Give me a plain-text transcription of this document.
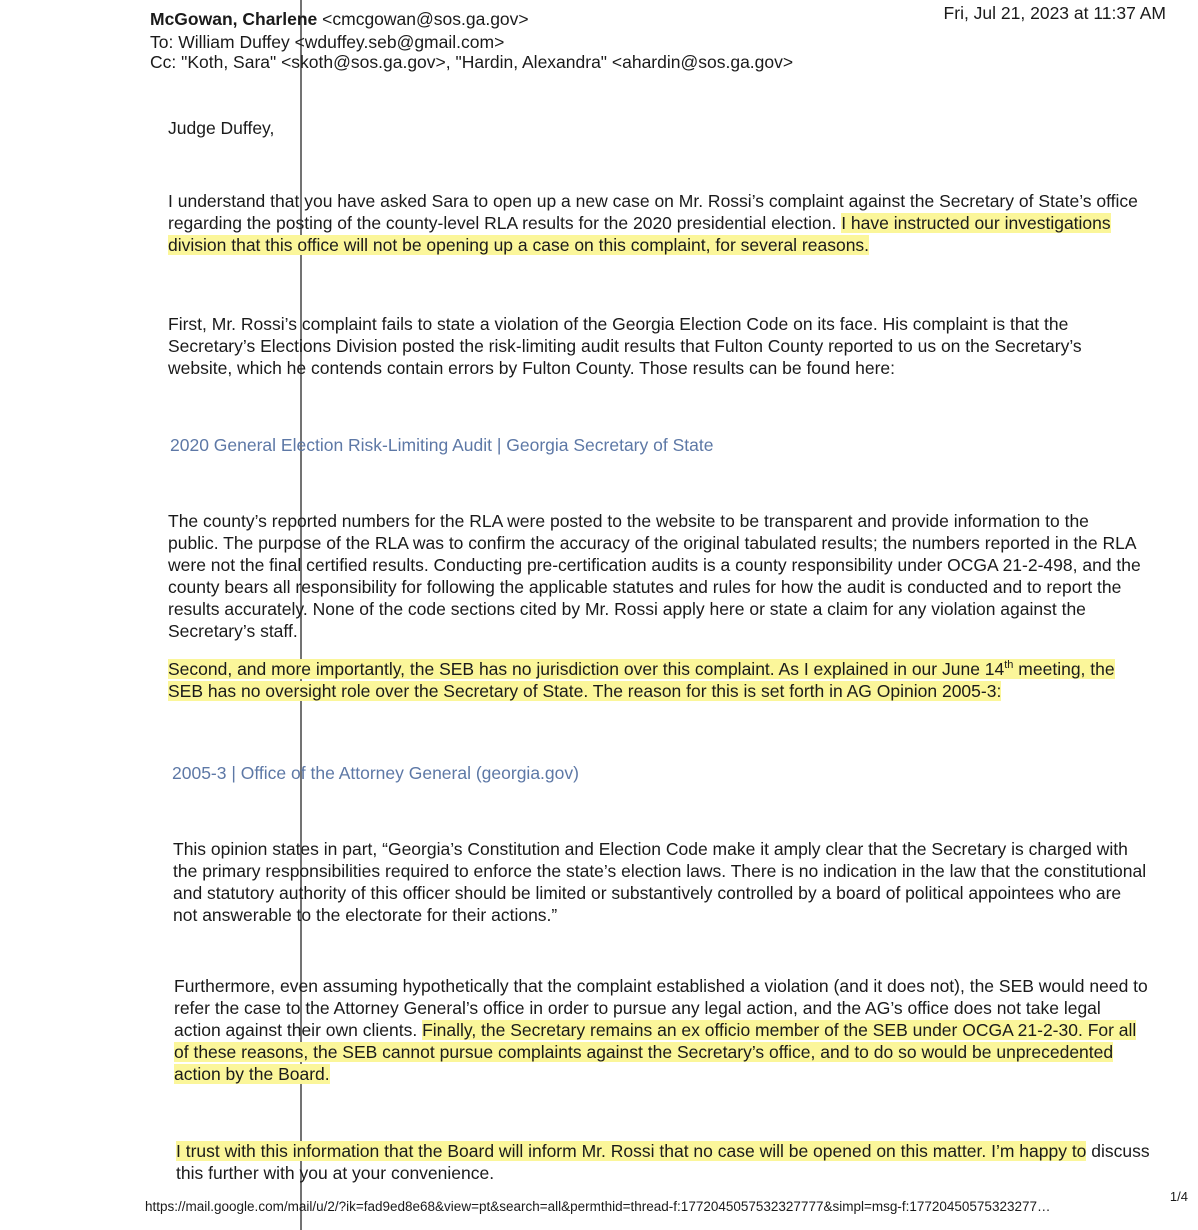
McGowan, Charlene <cmcgowan@sos.ga.gov>	Fri, Jul 21, 2023 at 11:37 AM
To: William Duffey <wduffey.seb@gmail.com>
Cc: "Koth, Sara" <skoth@sos.ga.gov>, "Hardin, Alexandra" <ahardin@sos.ga.gov>
Judge Duffey,
I understand that you have asked Sara to open up a new case on Mr. Rossi’s complaint against the Secretary of State’s office regarding the posting of the county-level RLA results for the 2020 presidential election. I have instructed our investigations division that this office will not be opening up a case on this complaint, for several reasons.
First, Mr. Rossi’s complaint fails to state a violation of the Georgia Election Code on its face. His complaint is that the Secretary’s Elections Division posted the risk-limiting audit results that Fulton County reported to us on the Secretary’s website, which he contends contain errors by Fulton County. Those results can be found here:
2020 General Election Risk-Limiting Audit | Georgia Secretary of State
The county’s reported numbers for the RLA were posted to the website to be transparent and provide information to the public. The purpose of the RLA was to confirm the accuracy of the original tabulated results; the numbers reported in the RLA were not the final certified results. Conducting pre-certification audits is a county responsibility under OCGA 21-2-498, and the county bears all responsibility for following the applicable statutes and rules for how the audit is conducted and to report the results accurately. None of the code sections cited by Mr. Rossi apply here or state a claim for any violation against the Secretary’s staff.
Second, and more importantly, the SEB has no jurisdiction over this complaint. As I explained in our June 14th meeting, the SEB has no oversight role over the Secretary of State. The reason for this is set forth in AG Opinion 2005-3:
2005-3 | Office of the Attorney General (georgia.gov)
This opinion states in part, “Georgia’s Constitution and Election Code make it amply clear that the Secretary is charged with the primary responsibilities required to enforce the state’s election laws. There is no indication in the law that the constitutional and statutory authority of this officer should be limited or substantively controlled by a board of political appointees who are not answerable to the electorate for their actions.”
Furthermore, even assuming hypothetically that the complaint established a violation (and it does not), the SEB would need to refer the case to the Attorney General’s office in order to pursue any legal action, and the AG’s office does not take legal action against their own clients. Finally, the Secretary remains an ex officio member of the SEB under OCGA 21-2-30. For all of these reasons, the SEB cannot pursue complaints against the Secretary’s office, and to do so would be unprecedented action by the Board.
I trust with this information that the Board will inform Mr. Rossi that no case will be opened on this matter. I’m happy to discuss this further with you at your convenience.
https://mail.google.com/mail/u/2/?ik=fad9ed8e68&view=pt&search=all&permthid=thread-f:1772045057532327777&simpl=msg-f:17720450575323277…
1/4
